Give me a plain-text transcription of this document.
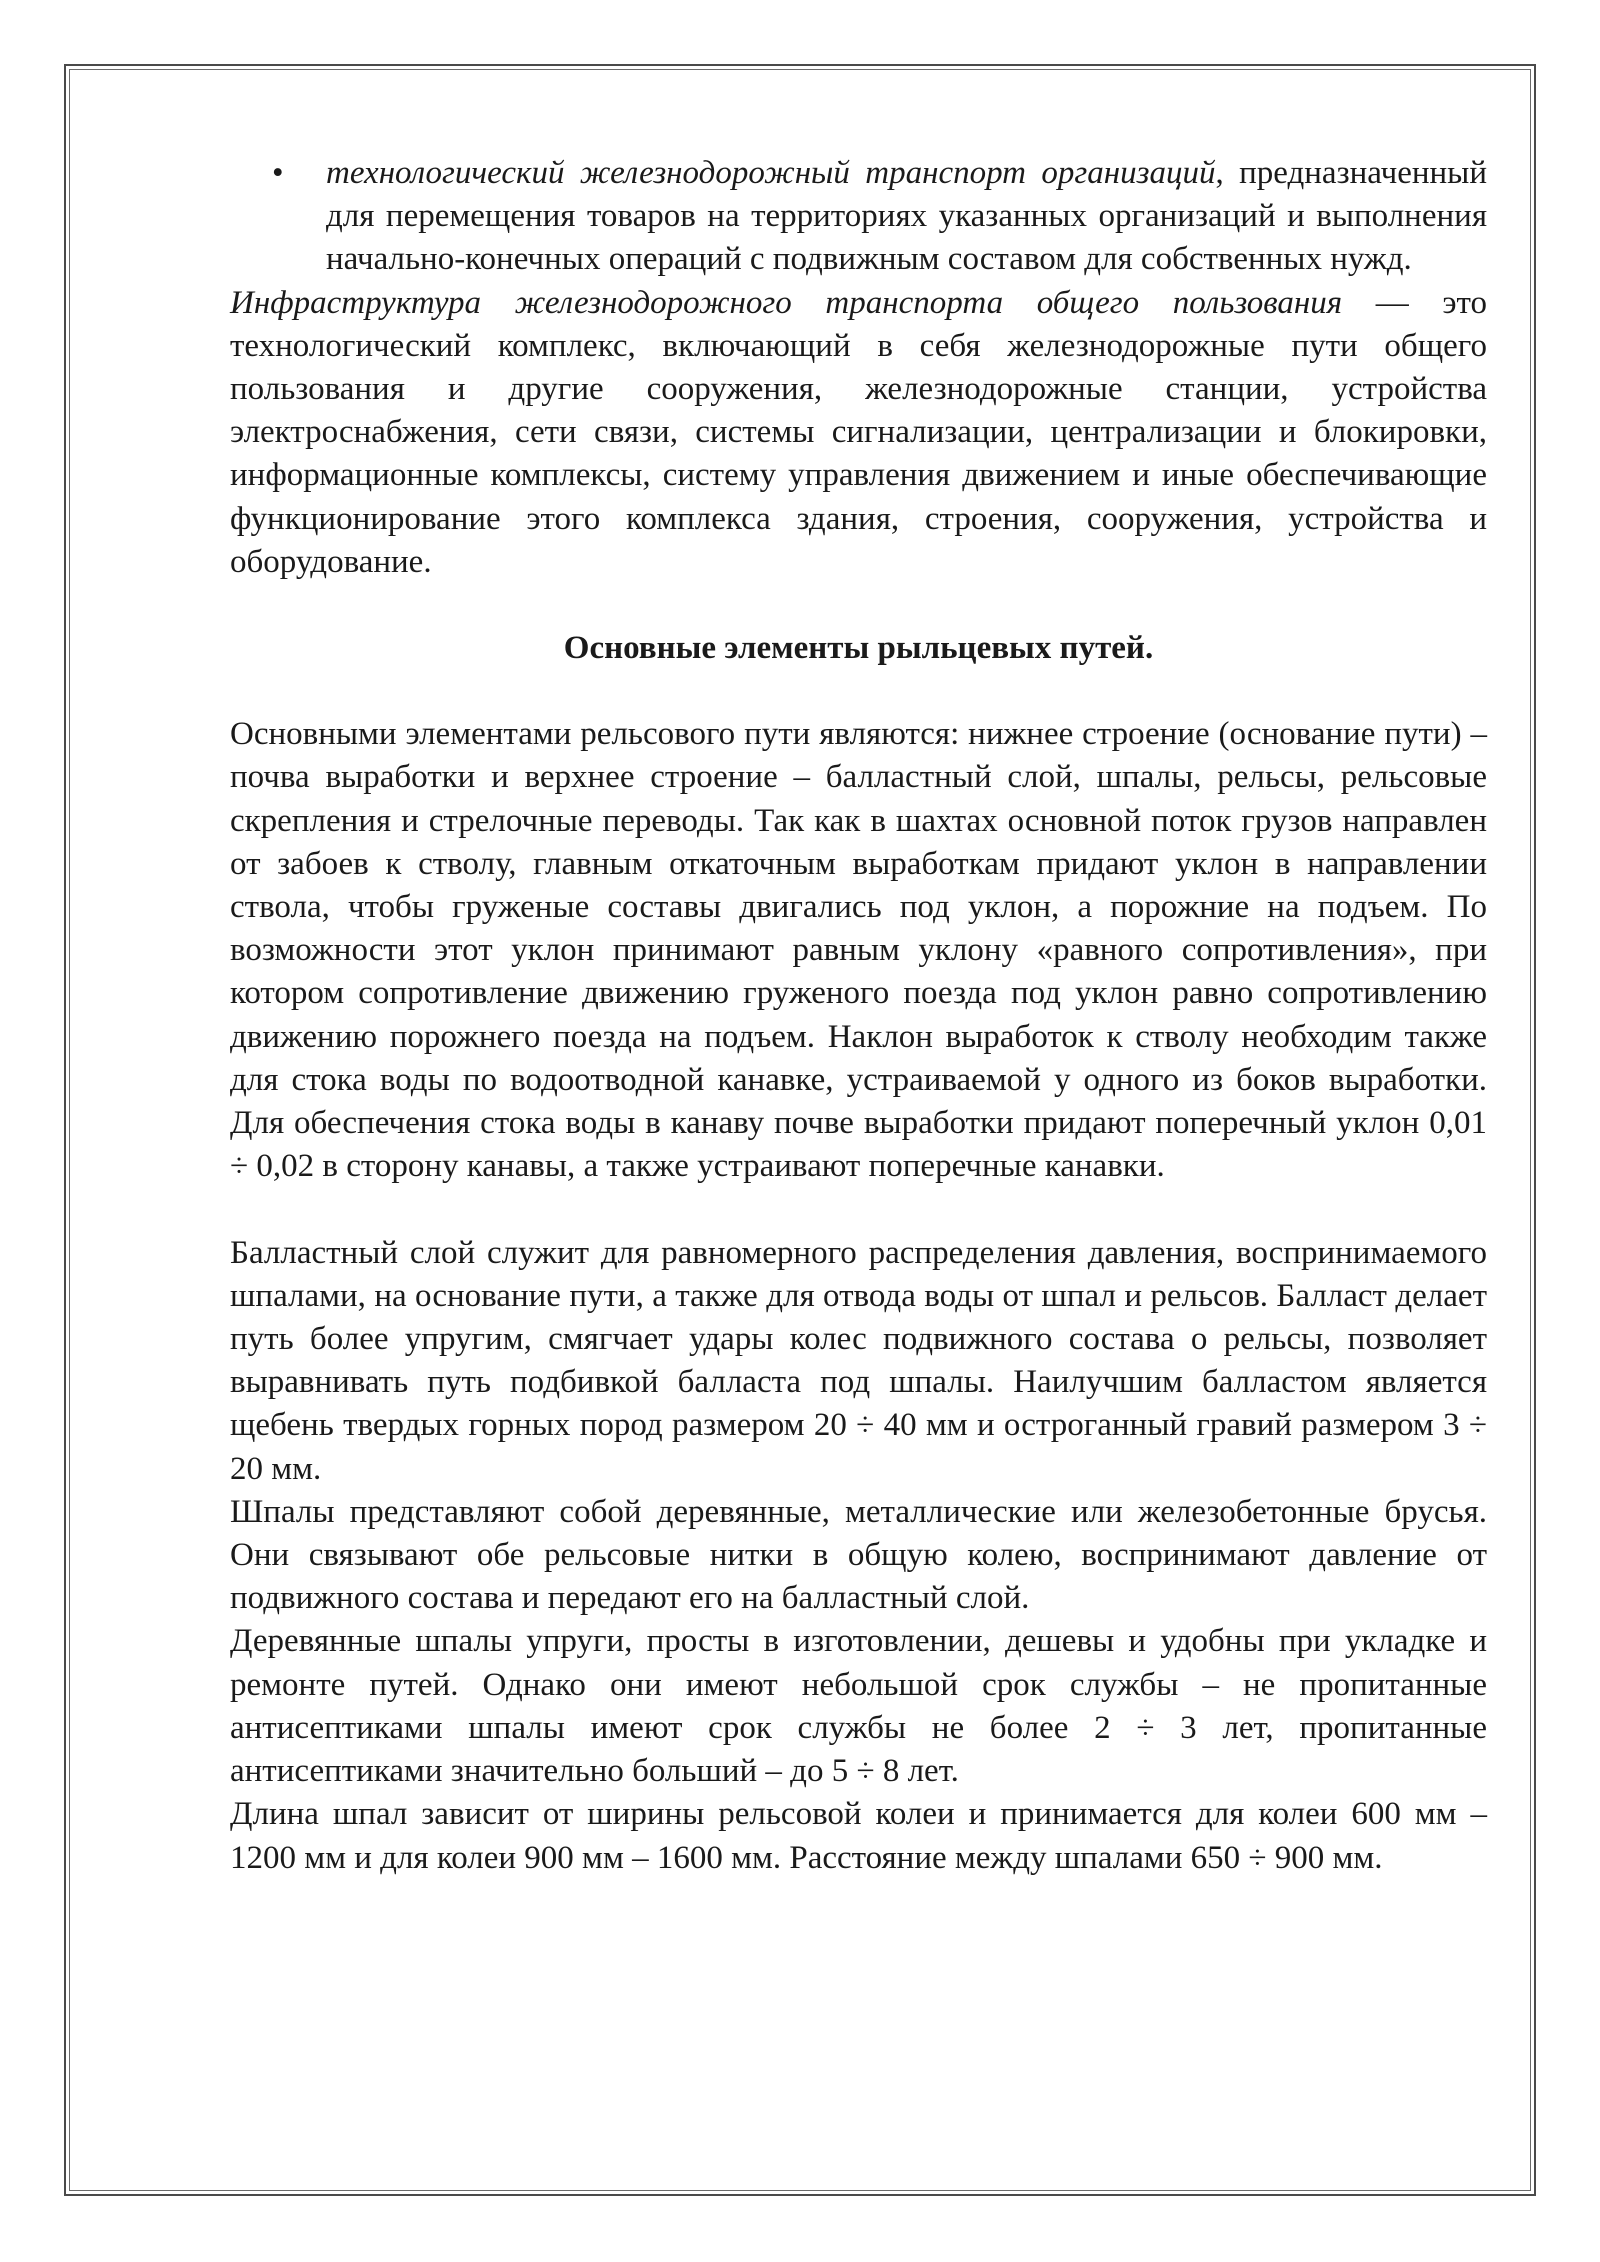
• технологический железнодорожный транспорт организаций, предназначенный для перемещения товаров на территориях указанных организаций и выполнения начально-конечных операций с подвижным составом для собственных нужд.

Инфраструктура железнодорожного транспорта общего пользования — это технологический комплекс, включающий в себя железнодорожные пути общего пользования и другие сооружения, железнодорожные станции, устройства электроснабжения, сети связи, системы сигнализации, централизации и блокировки, информационные комплексы, систему управления движением и иные обеспечивающие функционирование этого комплекса здания, строения, сооружения, устройства и оборудование.

Основные элементы рыльцевых путей.

Основными элементами рельсового пути являются: нижнее строение (основание пути) – почва выработки и верхнее строение – балластный слой, шпалы, рельсы, рельсовые скрепления и стрелочные переводы. Так как в шахтах основной поток грузов направлен от забоев к стволу, главным откаточным выработкам придают уклон в направлении ствола, чтобы груженые составы двигались под уклон, а порожние на подъем. По возможности этот уклон принимают равным уклону «равного сопротивления», при котором сопротивление движению груженого поезда под уклон равно сопротивлению движению порожнего поезда на подъем. Наклон выработок к стволу необходим также для стока воды по водоотводной канавке, устраиваемой у одного из боков выработки. Для обеспечения стока воды в канаву почве выработки придают поперечный уклон 0,01 ÷ 0,02 в сторону канавы, а также устраивают поперечные канавки.

Балластный слой служит для равномерного распределения давления, воспринимаемого шпалами, на основание пути, а также для отвода воды от шпал и рельсов. Балласт делает путь более упругим, смягчает удары колес подвижного состава о рельсы, позволяет выравнивать путь подбивкой балласта под шпалы. Наилучшим балластом является щебень твердых горных пород размером 20 ÷ 40 мм и остроганный гравий размером 3 ÷ 20 мм.

Шпалы представляют собой деревянные, металлические или железобетонные брусья. Они связывают обе рельсовые нитки в общую колею, воспринимают давление от подвижного состава и передают его на балластный слой.

Деревянные шпалы упруги, просты в изготовлении, дешевы и удобны при укладке и ремонте путей. Однако они имеют небольшой срок службы – не пропитанные антисептиками шпалы имеют срок службы не более 2 ÷ 3 лет, пропитанные антисептиками значительно больший – до 5 ÷ 8 лет.

Длина шпал зависит от ширины рельсовой колеи и принимается для колеи 600 мм – 1200 мм и для колеи 900 мм – 1600 мм. Расстояние между шпалами 650 ÷ 900 мм.
